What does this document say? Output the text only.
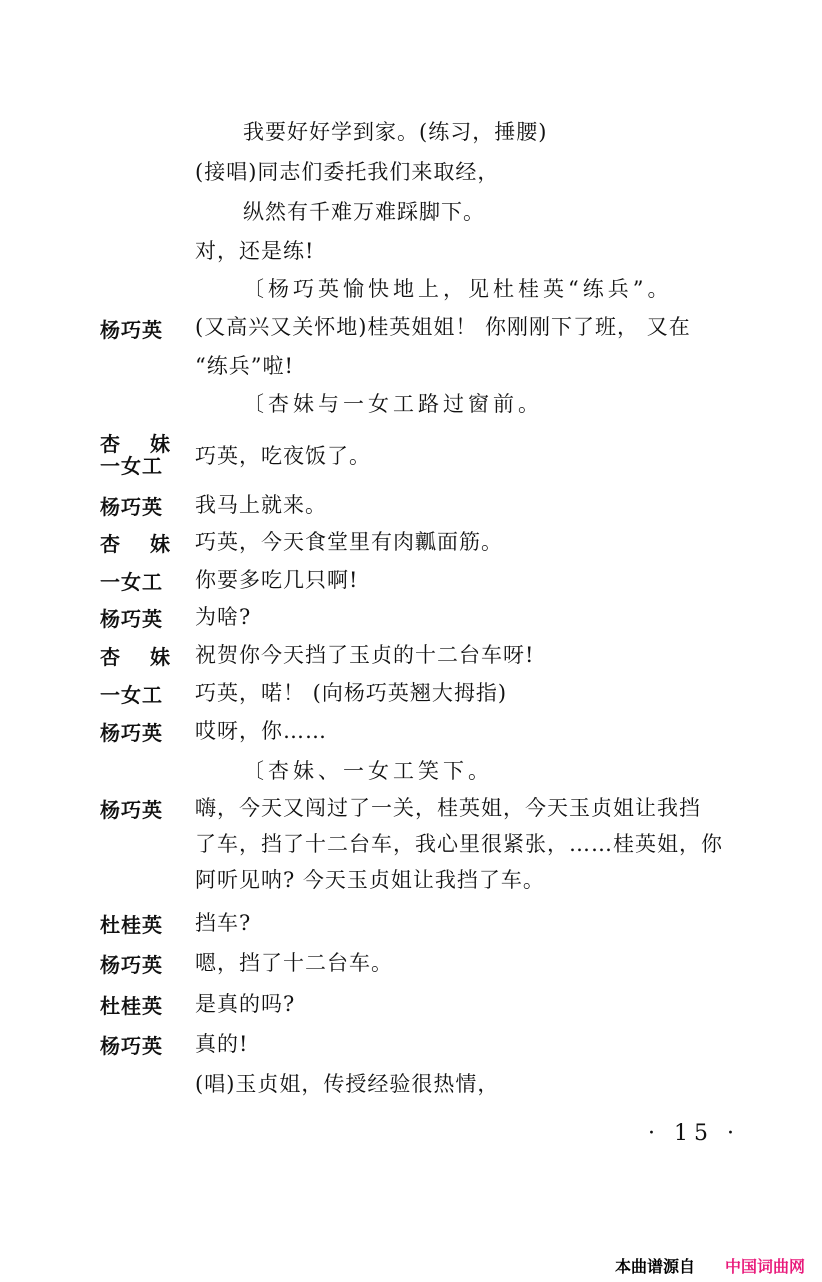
我要好好学到家。(练习，捶腰)
(接唱)同志们委托我们来取经，
纵然有千难万难踩脚下。
对，还是练!
〔杨巧英愉快地上，见杜桂英“练兵”。
杨巧英 (又高兴又关怀地)桂英姐姐！ 你刚刚下了班， 又在
“练兵”啦!
〔杏妹与一女工路过窗前。
杏妹
一女工 巧英，吃夜饭了。
杨巧英 我马上就来。
杏妹
巧英，今天食堂里有肉瓤面筋。
一女工 你要多吃几只啊!
杨巧英 为啥?
杏妹
祝贺你今天挡了玉贞的十二台车呀!
一女工 巧英，喏！ (向杨巧英翘大拇指)
杨巧英 哎呀，你……
〔杏妹、一女工笑下。
杨巧英 嗨，今天又闯过了一关，桂英姐，今天玉贞姐让我挡
了车，挡了十二台车，我心里很紧张，……桂英姐，你
阿听见呐? 今天玉贞姐让我挡了车。
杜桂英 挡车?
杨巧英 嗯，挡了十二台车。
杜桂英 是真的吗?
杨巧英 真的!
(唱)玉贞姐，传授经验很热情，
· 15 ·
本曲谱源自 中国词曲网
